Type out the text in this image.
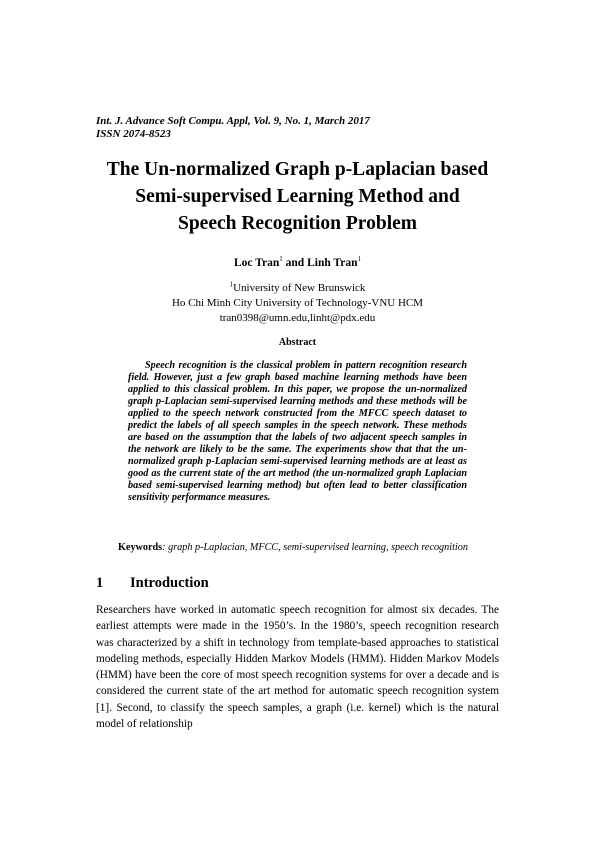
Int. J. Advance Soft Compu. Appl, Vol. 9, No. 1, March 2017
ISSN 2074-8523
The Un-normalized Graph p-Laplacian based
Semi-supervised Learning Method and
Speech Recognition Problem
Loc Tran$^1$ and Linh Tran$^1$
$^1$University of New Brunswick
Ho Chi Minh City University of Technology-VNU HCM
tran0398@umn.edu,linht@pdx.edu
Abstract
Speech recognition is the classical problem in pattern recognition research field. However, just a few graph based machine learning methods have been applied to this classical problem. In this paper, we propose the un-normalized graph p-Laplacian semi-supervised learning methods and these methods will be applied to the speech network constructed from the MFCC speech dataset to predict the labels of all speech samples in the speech network. These methods are based on the assumption that the labels of two adjacent speech samples in the network are likely to be the same. The experiments show that that the un-normalized graph p-Laplacian semi-supervised learning methods are at least as good as the current state of the art method (the un-normalized graph Laplacian based semi-supervised learning method) but often lead to better classification sensitivity performance measures.
Keywords: graph p-Laplacian, MFCC, semi-supervised learning, speech recognition
1 Introduction
Researchers have worked in automatic speech recognition for almost six decades. The earliest attempts were made in the 1950’s. In the 1980’s, speech recognition research was characterized by a shift in technology from template-based approaches to statistical modeling methods, especially Hidden Markov Models (HMM). Hidden Markov Models (HMM) have been the core of most speech recognition systems for over a decade and is considered the current state of the art method for automatic speech recognition system [1]. Second, to classify the speech samples, a graph (i.e. kernel) which is the natural model of relationship
